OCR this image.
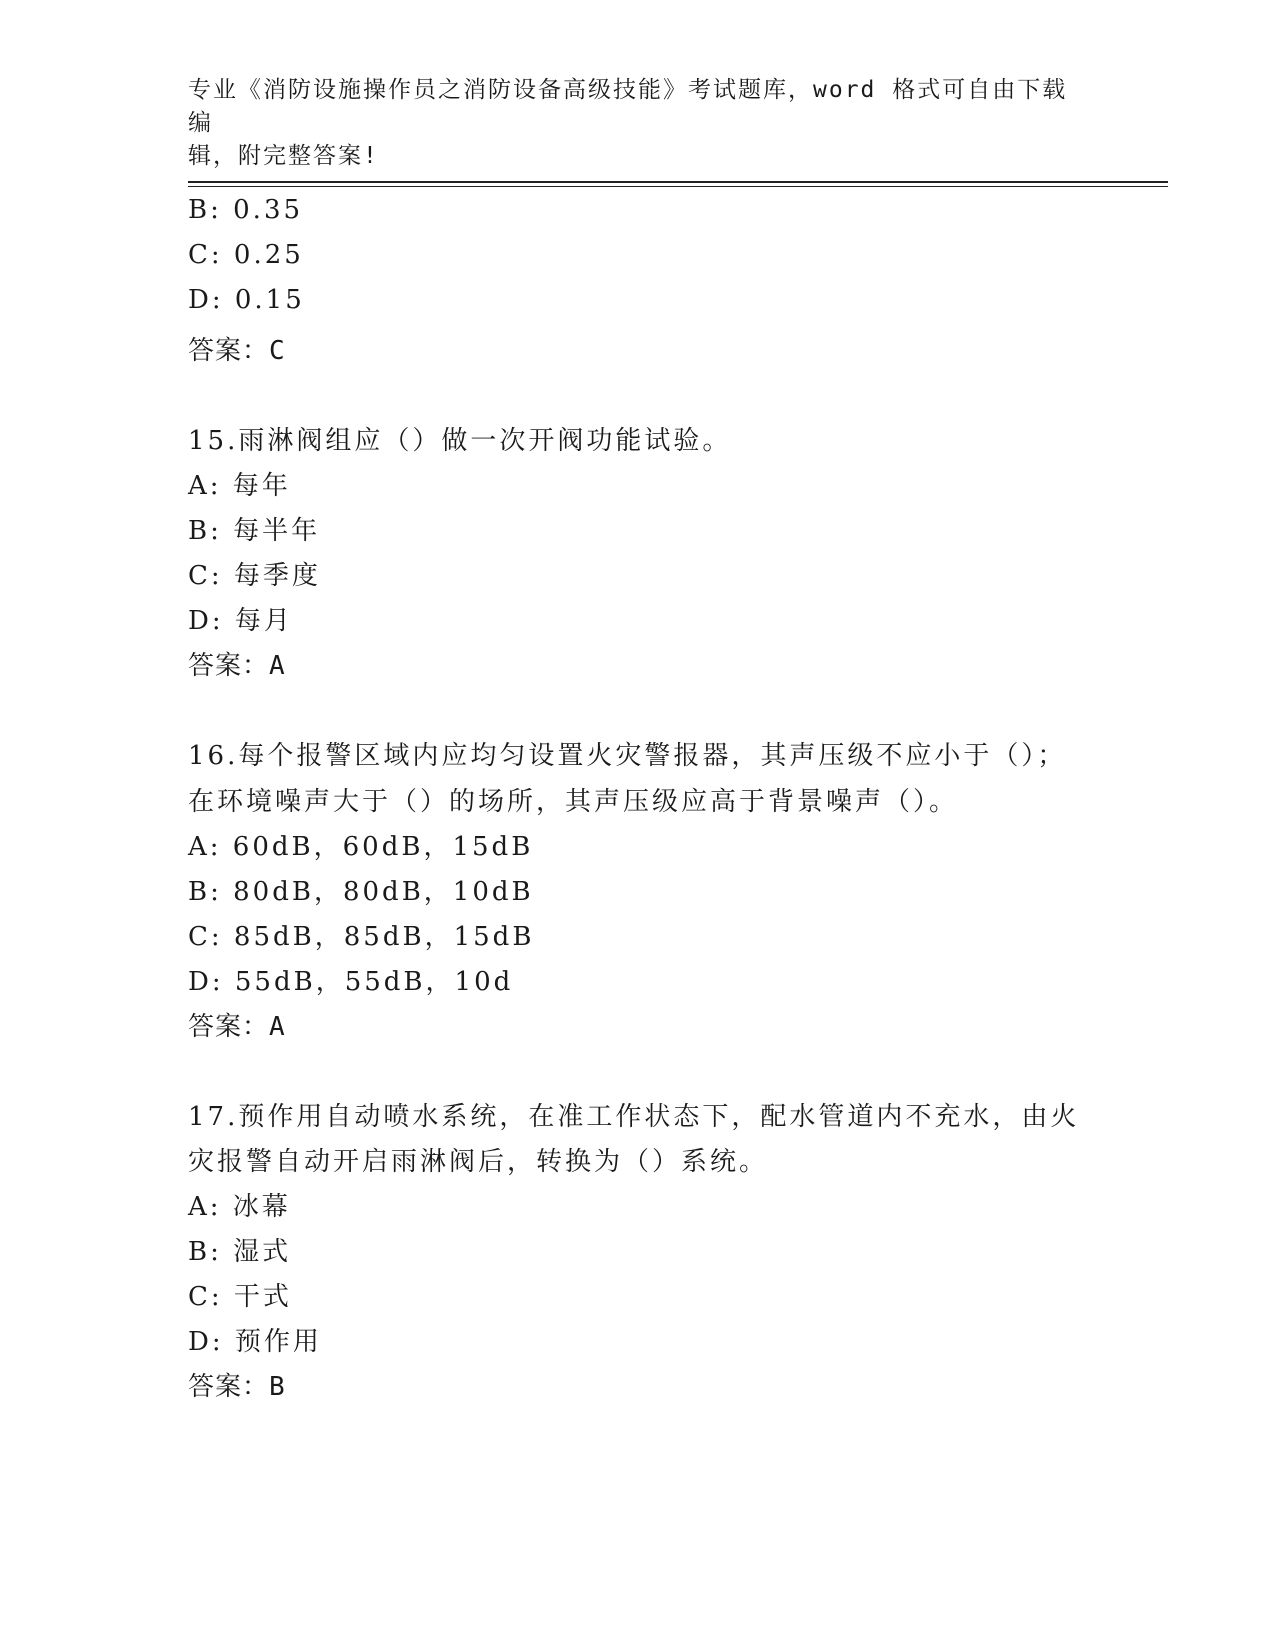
专业《消防设施操作员之消防设备高级技能》考试题库，word 格式可自由下载编
辑，附完整答案!
B: 0.35
C: 0.25
D: 0.15
答案：C
15.雨淋阀组应（）做一次开阀功能试验。
A: 每年
B: 每半年
C: 每季度
D: 每月
答案：A
16.每个报警区域内应均匀设置火灾警报器，其声压级不应小于（）；
在环境噪声大于（）的场所，其声压级应高于背景噪声（）。
A: 60dB，60dB，15dB
B: 80dB，80dB，10dB
C: 85dB，85dB，15dB
D: 55dB，55dB，10d
答案：A
17.预作用自动喷水系统，在准工作状态下，配水管道内不充水，由火
灾报警自动开启雨淋阀后，转换为（）系统。
A: 冰幕
B: 湿式
C: 干式
D: 预作用
答案：B
